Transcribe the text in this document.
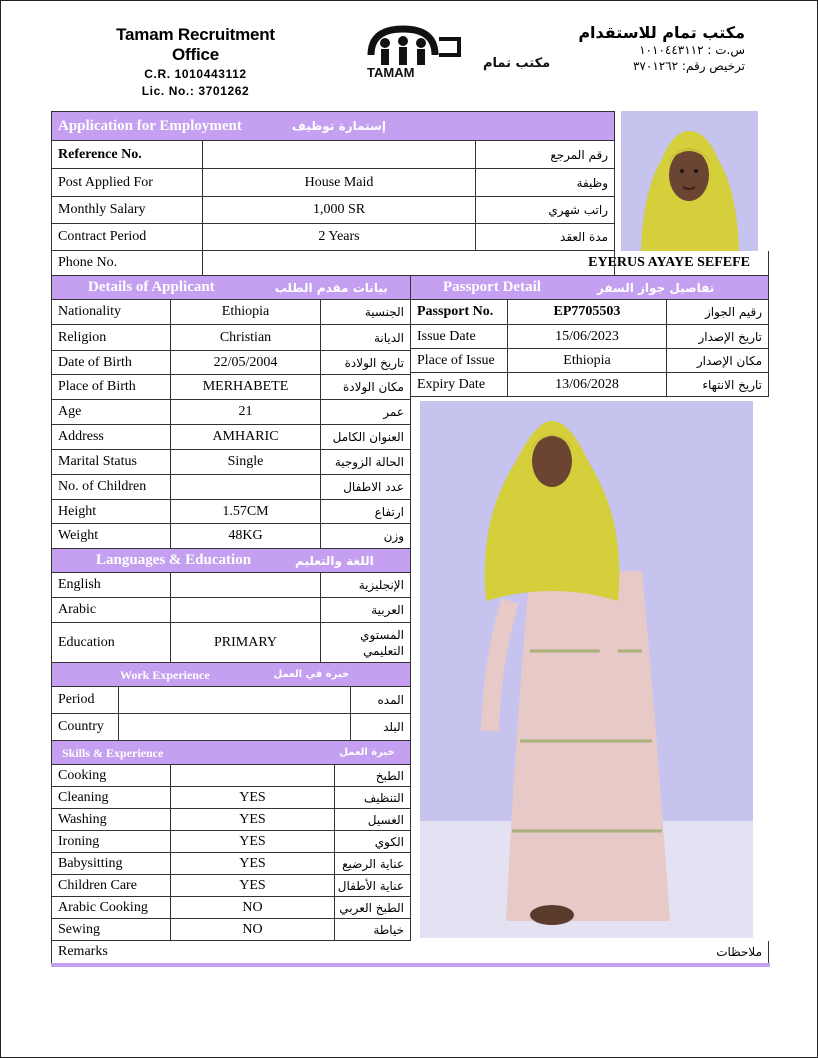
Tamam Recruitment Office
C.R. 1010443112
Lic. No.: 3701262
TAMAM
مكتب تمام
مكتب تمام للاستقدام
س.ت : ١٠١٠٤٤٣١١٢
ترخيص رقم: ٣٧٠١٢٦٢
Application for Employment	إستمارة توظيف
Reference No.	رقم المرجع
Post Applied For	House Maid	وظيفة
Monthly Salary	1,000 SR	راتب شهري
Contract Period	2 Years	مدة العقد
Phone No.	EYERUS AYAYE SEFEFE
Details of Applicant	بيانات مقدم الطلب
Nationality	Ethiopia	الجنسية
Religion	Christian	الديانة
Date of Birth	22/05/2004	تاريخ الولادة
Place of Birth	MERHABETE	مكان الولادة
Age	21	عمر
Address	AMHARIC	العنوان الكامل
Marital Status	Single	الحالة الزوجية
No. of Children	عدد الاطفال
Height	1.57CM	ارتفاع
Weight	48KG	وزن
Passport Detail	تفاصيل جواز السفر
Passport No.	EP7705503	رقيم الجواز
Issue Date	15/06/2023	تاريخ الإصدار
Place of Issue	Ethiopia	مكان الإصدار
Expiry Date	13/06/2028	تاريخ الانتهاء
Languages & Education	اللغة والتعليم
English	الإنجليزية
Arabic	العربية
Education	PRIMARY	المستوي التعليمي
Work Experience	خبرة في العمل
Period	المده
Country	البلد
Skills & Experience	خبرة العمل
Cooking	الطبخ
Cleaning	YES	التنظيف
Washing	YES	الغسيل
Ironing	YES	الكوي
Babysitting	YES	عناية الرضيع
Children Care	YES	عناية الأطفال
Arabic Cooking	NO	الطبخ العربي
Sewing	NO	خياطة
Remarks	ملاحظات
